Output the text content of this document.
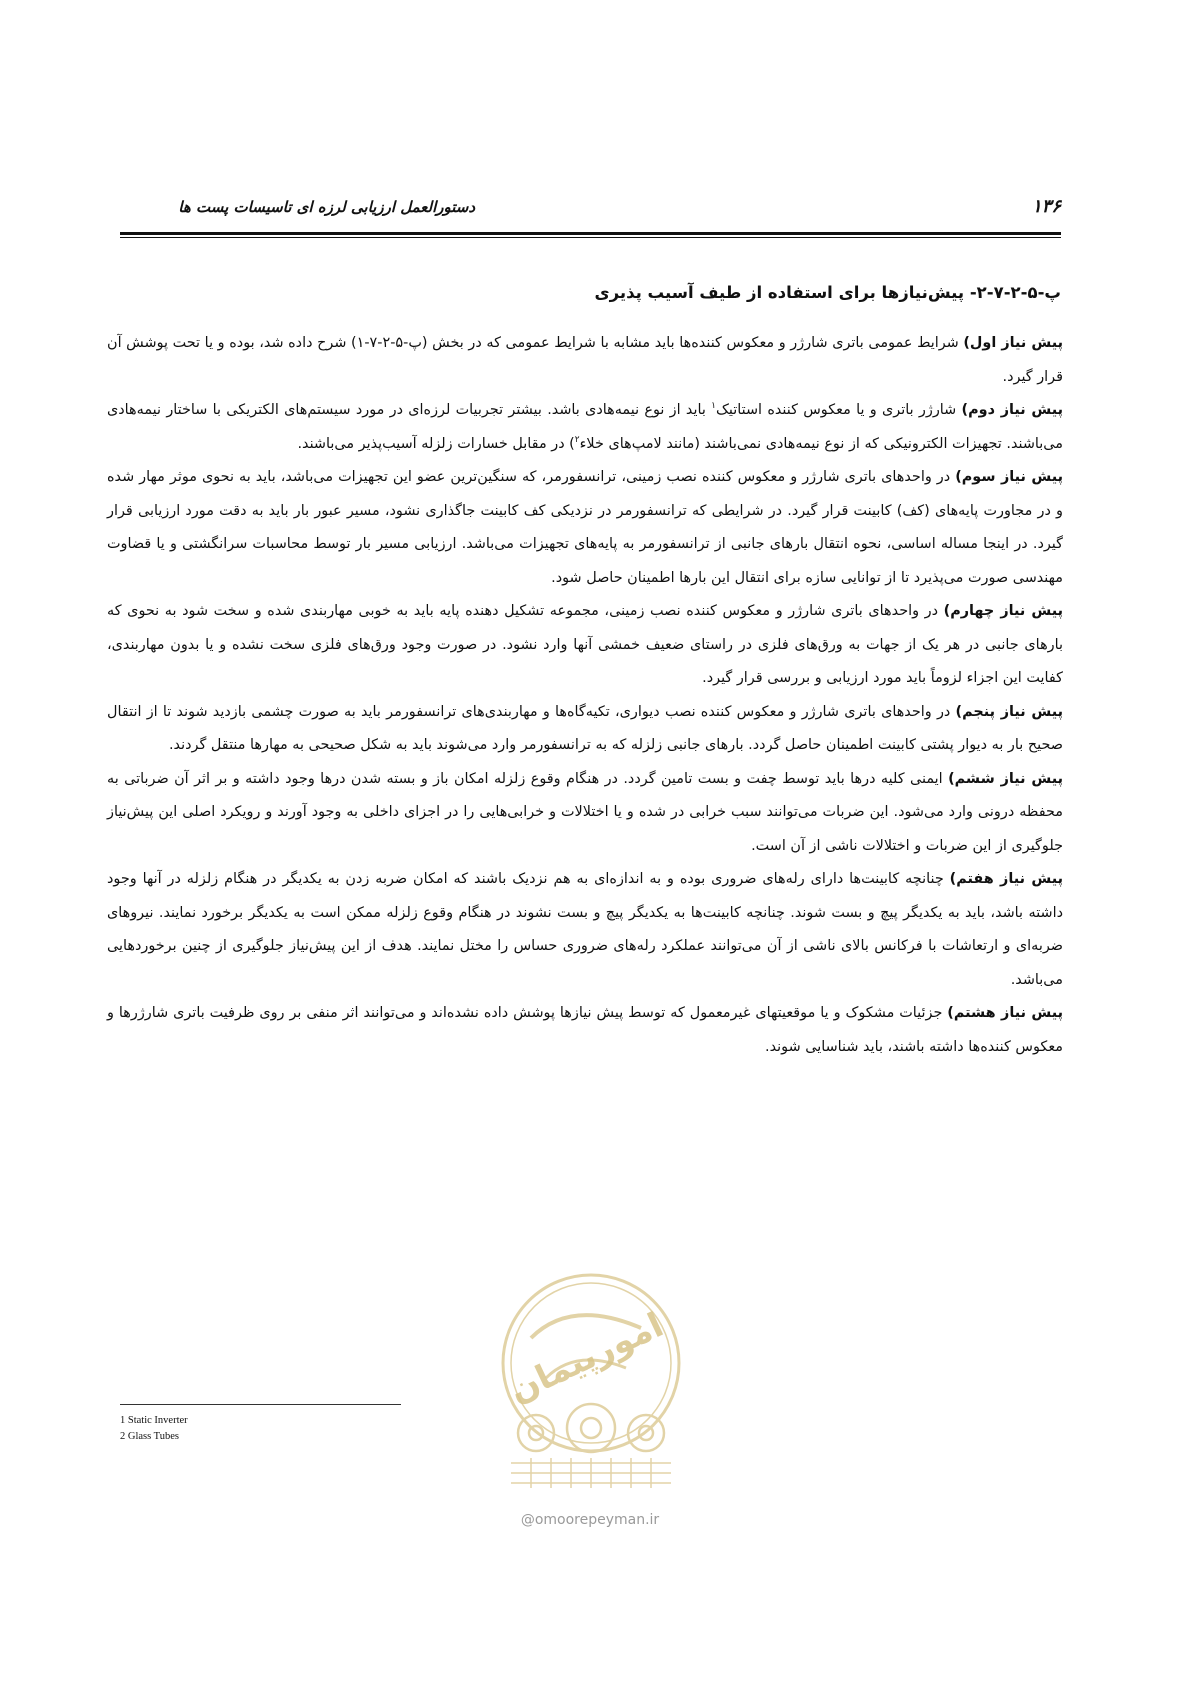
دستورالعمل ارزیابی لرزه ای تاسیسات پست ها	۱۳۶
پ-۵-۲-۷-۲- پیش‌نیازها برای استفاده از طیف آسیب پذیری

پیش نیاز اول) شرایط عمومی باتری شارژر و معکوس کننده‌ها باید مشابه با شرایط عمومی که در بخش (پ-۵-۲-۷-۱) شرح داده شد، بوده و یا تحت پوشش آن قرار گیرد.

پیش نیاز دوم) شارژر باتری و یا معکوس کننده استاتیک$^۱$ باید از نوع نیمه‌هادی باشد. بیشتر تجربیات لرزه‌ای در مورد سیستم‌های الکتریکی با ساختار نیمه‌هادی می‌باشند. تجهیزات الکترونیکی که از نوع نیمه‌هادی نمی‌باشند (مانند لامپ‌های خلاء$^۲$) در مقابل خسارات زلزله آسیب‌پذیر می‌باشند.

پیش نیاز سوم) در واحدهای باتری شارژر و معکوس کننده نصب زمینی، ترانسفورمر، که سنگین‌ترین عضو این تجهیزات می‌باشد، باید به نحوی موثر مهار شده و در مجاورت پایه‌های (کف) کابینت قرار گیرد. در شرایطی که ترانسفورمر در نزدیکی کف کابینت جاگذاری نشود، مسیر عبور بار باید به دقت مورد ارزیابی قرار گیرد. در اینجا مساله اساسی، نحوه انتقال بارهای جانبی از ترانسفورمر به پایه‌های تجهیزات می‌باشد. ارزیابی مسیر بار توسط محاسبات سرانگشتی و یا قضاوت مهندسی صورت می‌پذیرد تا از توانایی سازه برای انتقال این بارها اطمینان حاصل شود.

پیش نیاز چهارم) در واحدهای باتری شارژر و معکوس کننده نصب زمینی، مجموعه تشکیل دهنده پایه باید به خوبی مهاربندی شده و سخت شود به نحوی که بارهای جانبی در هر یک از جهات به ورق‌های فلزی در راستای ضعیف خمشی آنها وارد نشود. در صورت وجود ورق‌های فلزی سخت نشده و یا بدون مهاربندی، کفایت این اجزاء لزوماً باید مورد ارزیابی و بررسی قرار گیرد.

پیش نیاز پنجم) در واحدهای باتری شارژر و معکوس کننده نصب دیواری، تکیه‌گاه‌ها و مهاربندی‌های ترانسفورمر باید به صورت چشمی بازدید شوند تا از انتقال صحیح بار به دیوار پشتی کابینت اطمینان حاصل گردد. بارهای جانبی زلزله که به ترانسفورمر وارد می‌شوند باید به شکل صحیحی به مهارها منتقل گردند.

پیش نیاز ششم) ایمنی کلیه درها باید توسط چفت و بست تامین گردد. در هنگام وقوع زلزله امکان باز و بسته شدن درها وجود داشته و بر اثر آن ضرباتی به محفظه درونی وارد می‌شود. این ضربات می‌توانند سبب خرابی در شده و یا اختلالات و خرابی‌هایی را در اجزای داخلی به وجود آورند و رویکرد اصلی این پیش‌نیاز جلوگیری از این ضربات و اختلالات ناشی از آن است.

پیش نیاز هفتم) چنانچه کابینت‌ها دارای رله‌های ضروری بوده و به اندازه‌ای به هم نزدیک باشند که امکان ضربه زدن به یکدیگر در هنگام زلزله در آنها وجود داشته باشد، باید به یکدیگر پیچ و بست شوند. چنانچه کابینت‌ها به یکدیگر پیچ و بست نشوند در هنگام وقوع زلزله ممکن است به یکدیگر برخورد نمایند. نیروهای ضربه‌ای و ارتعاشات با فرکانس بالای ناشی از آن می‌توانند عملکرد رله‌های ضروری حساس را مختل نمایند. هدف از این پیش‌نیاز جلوگیری از چنین برخوردهایی می‌باشد.

پیش نیاز هشتم) جزئیات مشکوک و یا موقعیتهای غیرمعمول که توسط پیش نیازها پوشش داده نشده‌اند و می‌توانند اثر منفی بر روی ظرفیت باتری شارژرها و معکوس کننده‌ها داشته باشند، باید شناسایی شوند.

امورپیمان
@omoorepeyman.ir
1 Static Inverter
2 Glass Tubes
